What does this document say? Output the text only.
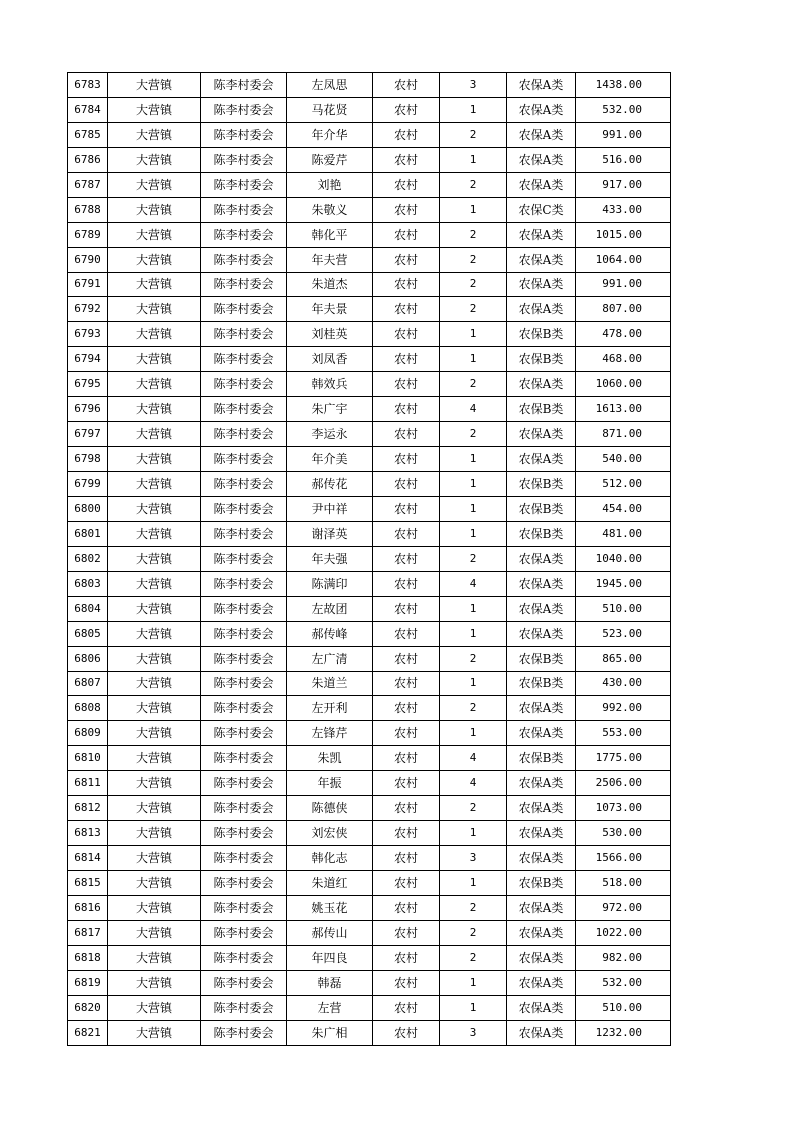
6783	大营镇	陈李村委会	左凤思	农村	3	农保A类	1438.00
6784	大营镇	陈李村委会	马花贤	农村	1	农保A类	532.00
6785	大营镇	陈李村委会	年介华	农村	2	农保A类	991.00
6786	大营镇	陈李村委会	陈爱芹	农村	1	农保A类	516.00
6787	大营镇	陈李村委会	刘艳	农村	2	农保A类	917.00
6788	大营镇	陈李村委会	朱敬义	农村	1	农保C类	433.00
6789	大营镇	陈李村委会	韩化平	农村	2	农保A类	1015.00
6790	大营镇	陈李村委会	年夫营	农村	2	农保A类	1064.00
6791	大营镇	陈李村委会	朱道杰	农村	2	农保A类	991.00
6792	大营镇	陈李村委会	年夫景	农村	2	农保A类	807.00
6793	大营镇	陈李村委会	刘桂英	农村	1	农保B类	478.00
6794	大营镇	陈李村委会	刘凤香	农村	1	农保B类	468.00
6795	大营镇	陈李村委会	韩效兵	农村	2	农保A类	1060.00
6796	大营镇	陈李村委会	朱广宇	农村	4	农保B类	1613.00
6797	大营镇	陈李村委会	李运永	农村	2	农保A类	871.00
6798	大营镇	陈李村委会	年介美	农村	1	农保A类	540.00
6799	大营镇	陈李村委会	郝传花	农村	1	农保B类	512.00
6800	大营镇	陈李村委会	尹中祥	农村	1	农保B类	454.00
6801	大营镇	陈李村委会	谢泽英	农村	1	农保B类	481.00
6802	大营镇	陈李村委会	年夫强	农村	2	农保A类	1040.00
6803	大营镇	陈李村委会	陈满印	农村	4	农保A类	1945.00
6804	大营镇	陈李村委会	左故团	农村	1	农保A类	510.00
6805	大营镇	陈李村委会	郝传峰	农村	1	农保A类	523.00
6806	大营镇	陈李村委会	左广清	农村	2	农保B类	865.00
6807	大营镇	陈李村委会	朱道兰	农村	1	农保B类	430.00
6808	大营镇	陈李村委会	左开利	农村	2	农保A类	992.00
6809	大营镇	陈李村委会	左锋芹	农村	1	农保A类	553.00
6810	大营镇	陈李村委会	朱凯	农村	4	农保B类	1775.00
6811	大营镇	陈李村委会	年振	农村	4	农保A类	2506.00
6812	大营镇	陈李村委会	陈德侠	农村	2	农保A类	1073.00
6813	大营镇	陈李村委会	刘宏侠	农村	1	农保A类	530.00
6814	大营镇	陈李村委会	韩化志	农村	3	农保A类	1566.00
6815	大营镇	陈李村委会	朱道红	农村	1	农保B类	518.00
6816	大营镇	陈李村委会	姚玉花	农村	2	农保A类	972.00
6817	大营镇	陈李村委会	郝传山	农村	2	农保A类	1022.00
6818	大营镇	陈李村委会	年四良	农村	2	农保A类	982.00
6819	大营镇	陈李村委会	韩磊	农村	1	农保A类	532.00
6820	大营镇	陈李村委会	左营	农村	1	农保A类	510.00
6821	大营镇	陈李村委会	朱广相	农村	3	农保A类	1232.00
